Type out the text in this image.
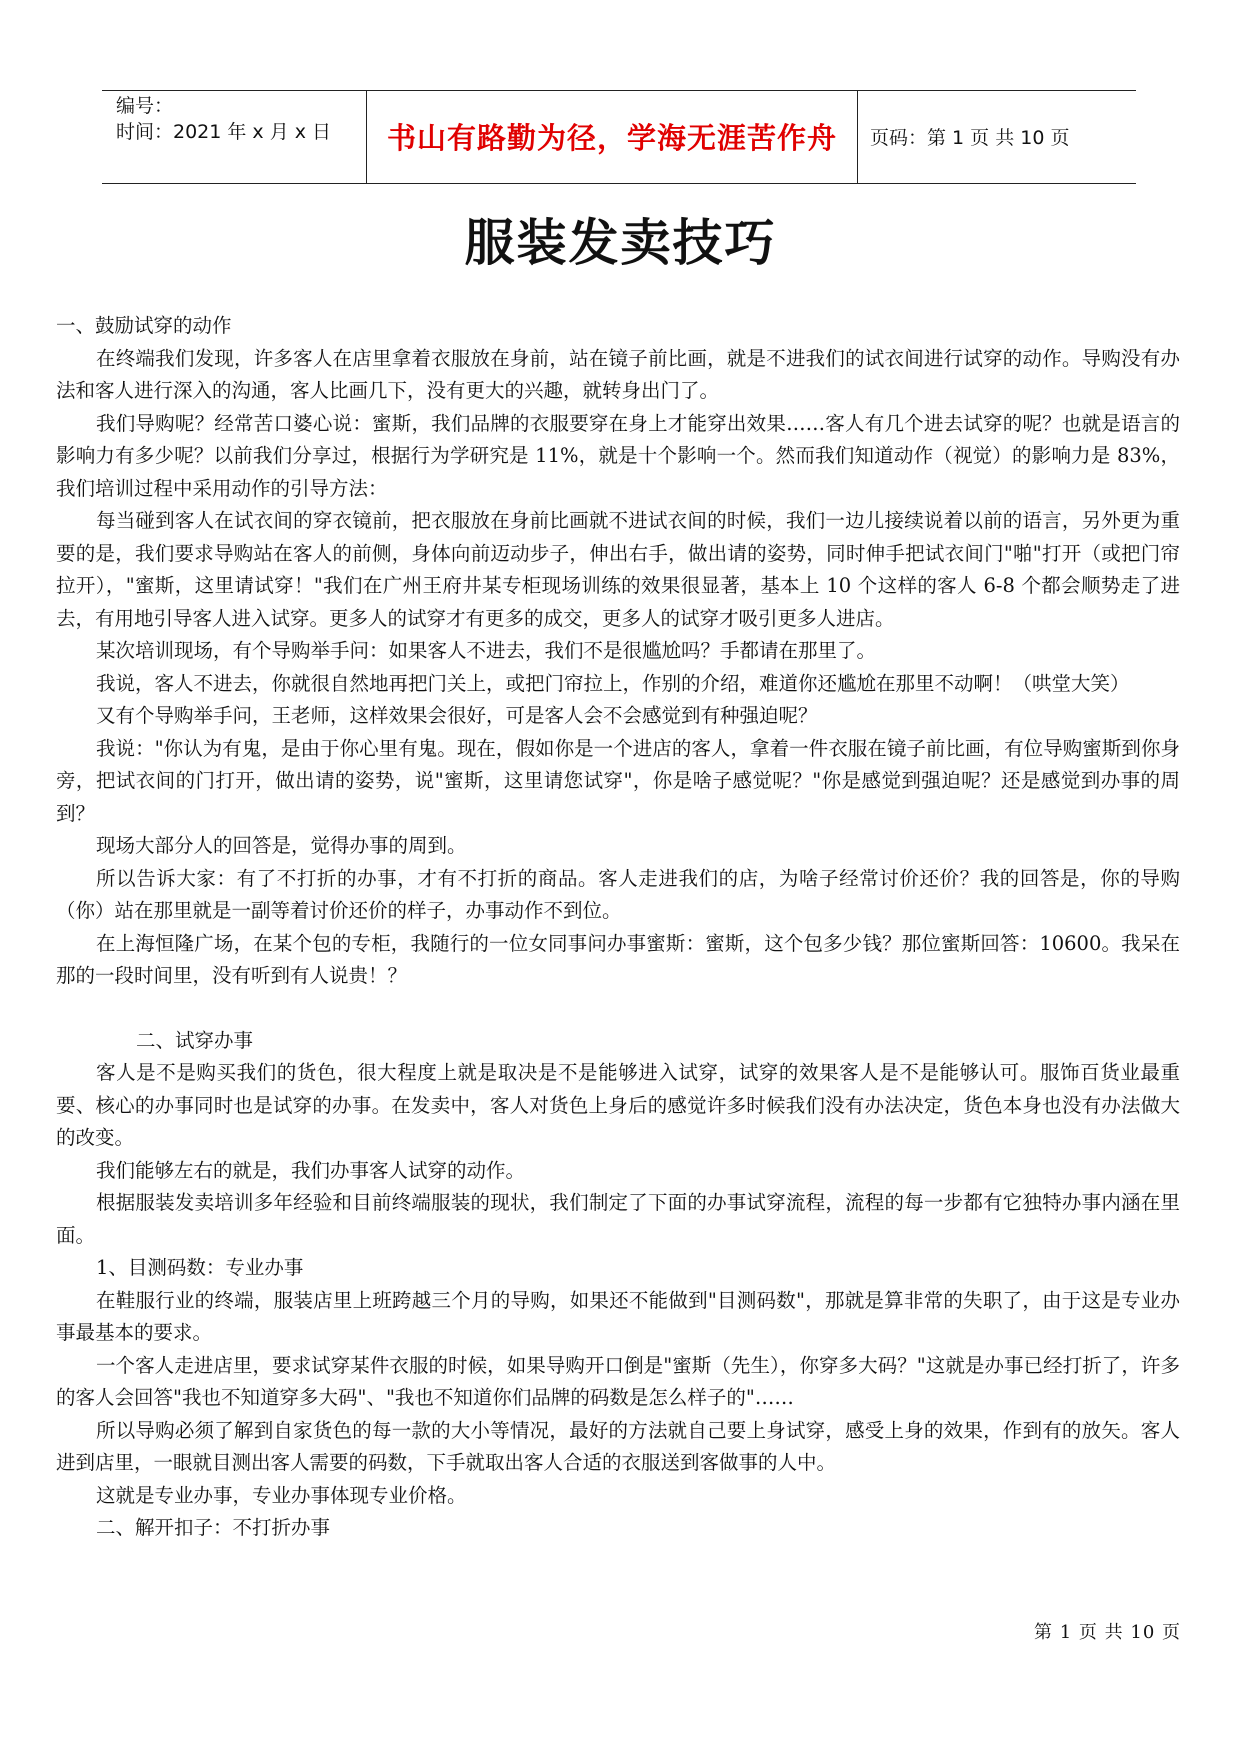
编号：
时间：2021 年 x 月 x 日	书山有路勤为径，学海无涯苦作舟	页码：第 1 页 共 10 页
服装发卖技巧

一、鼓励试穿的动作

在终端我们发现，许多客人在店里拿着衣服放在身前，站在镜子前比画，就是不进我们的试衣间进行试穿的动作。导购没有办法和客人进行深入的沟通，客人比画几下，没有更大的兴趣，就转身出门了。

我们导购呢？经常苦口婆心说：蜜斯，我们品牌的衣服要穿在身上才能穿出效果……客人有几个进去试穿的呢？也就是语言的影响力有多少呢？以前我们分享过，根据行为学研究是 11%，就是十个影响一个。然而我们知道动作（视觉）的影响力是 83%，我们培训过程中采用动作的引导方法：

每当碰到客人在试衣间的穿衣镜前，把衣服放在身前比画就不进试衣间的时候，我们一边儿接续说着以前的语言，另外更为重要的是，我们要求导购站在客人的前侧，身体向前迈动步子，伸出右手，做出请的姿势，同时伸手把试衣间门"啪"打开（或把门帘拉开），"蜜斯，这里请试穿！"我们在广州王府井某专柜现场训练的效果很显著，基本上 10 个这样的客人 6-8 个都会顺势走了进去，有用地引导客人进入试穿。更多人的试穿才有更多的成交，更多人的试穿才吸引更多人进店。

某次培训现场，有个导购举手问：如果客人不进去，我们不是很尴尬吗？手都请在那里了。

我说，客人不进去，你就很自然地再把门关上，或把门帘拉上，作别的介绍，难道你还尴尬在那里不动啊！（哄堂大笑）

又有个导购举手问，王老师，这样效果会很好，可是客人会不会感觉到有种强迫呢？

我说："你认为有鬼，是由于你心里有鬼。现在，假如你是一个进店的客人，拿着一件衣服在镜子前比画，有位导购蜜斯到你身旁，把试衣间的门打开，做出请的姿势，说"蜜斯，这里请您试穿"，你是啥子感觉呢？"你是感觉到强迫呢？还是感觉到办事的周到？

现场大部分人的回答是，觉得办事的周到。

所以告诉大家：有了不打折的办事，才有不打折的商品。客人走进我们的店，为啥子经常讨价还价？我的回答是，你的导购（你）站在那里就是一副等着讨价还价的样子，办事动作不到位。

在上海恒隆广场，在某个包的专柜，我随行的一位女同事问办事蜜斯：蜜斯，这个包多少钱？那位蜜斯回答：10600。我呆在那的一段时间里，没有听到有人说贵！？

二、试穿办事

客人是不是购买我们的货色，很大程度上就是取决是不是能够进入试穿，试穿的效果客人是不是能够认可。服饰百货业最重要、核心的办事同时也是试穿的办事。在发卖中，客人对货色上身后的感觉许多时候我们没有办法决定，货色本身也没有办法做大的改变。

我们能够左右的就是，我们办事客人试穿的动作。

根据服装发卖培训多年经验和目前终端服装的现状，我们制定了下面的办事试穿流程，流程的每一步都有它独特办事内涵在里面。

1、目测码数：专业办事

在鞋服行业的终端，服装店里上班跨越三个月的导购，如果还不能做到"目测码数"，那就是算非常的失职了，由于这是专业办事最基本的要求。

一个客人走进店里，要求试穿某件衣服的时候，如果导购开口倒是"蜜斯（先生），你穿多大码？"这就是办事已经打折了，许多的客人会回答"我也不知道穿多大码"、"我也不知道你们品牌的码数是怎么样子的"……

所以导购必须了解到自家货色的每一款的大小等情况，最好的方法就自己要上身试穿，感受上身的效果，作到有的放矢。客人进到店里，一眼就目测出客人需要的码数，下手就取出客人合适的衣服送到客做事的人中。

这就是专业办事，专业办事体现专业价格。

二、解开扣子：不打折办事

第 1 页 共 10 页
